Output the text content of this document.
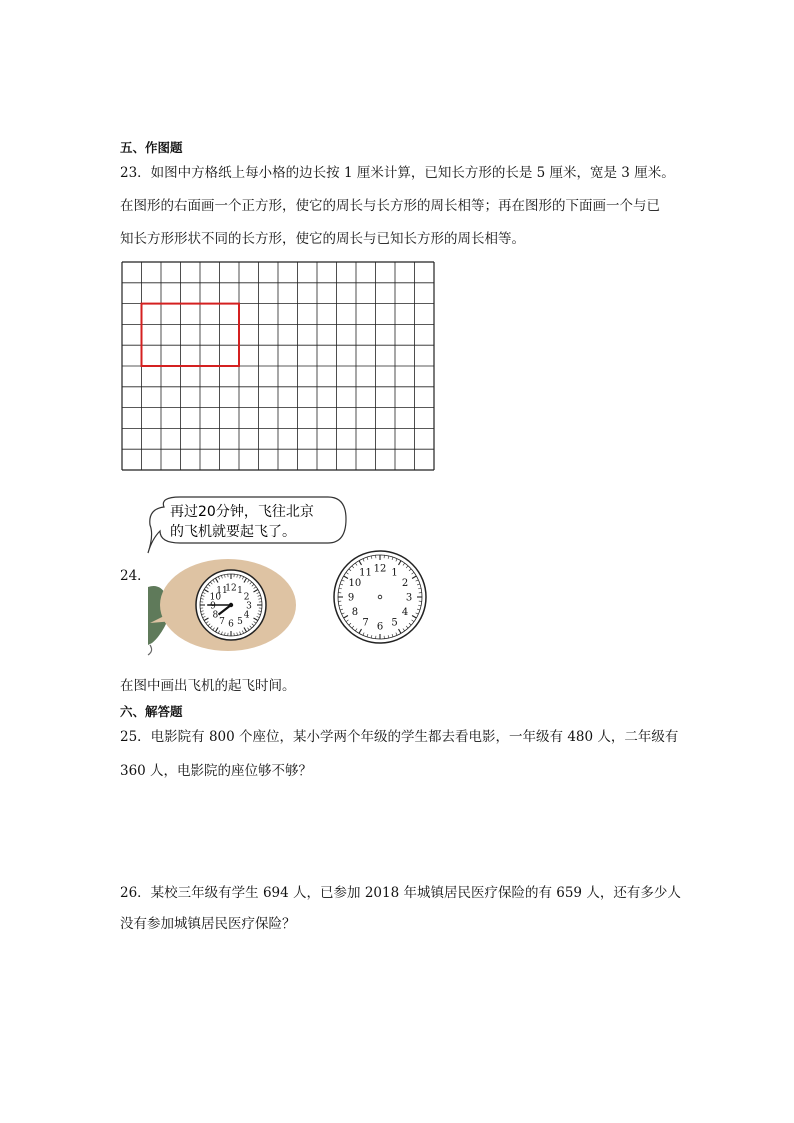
五、作图题
23．如图中方格纸上每小格的边长按 1 厘米计算，已知长方形的长是 5 厘米，宽是 3 厘米。
在图形的右面画一个正方形，使它的周长与长方形的周长相等；再在图形的下面画一个与已
知长方形形状不同的长方形，使它的周长与已知长方形的周长相等。
24．
再过20分钟，飞往北京
的飞机就要起飞了。
12 1
2
3
4
5
6
7
8
9
10
11
12 1
2
3
4
5
6
7
8
9
10
11
在图中画出飞机的起飞时间。
六、解答题
25．电影院有 800 个座位，某小学两个年级的学生都去看电影，一年级有 480 人，二年级有
360 人，电影院的座位够不够？
26．某校三年级有学生 694 人，已参加 2018 年城镇居民医疗保险的有 659 人，还有多少人
没有参加城镇居民医疗保险？
